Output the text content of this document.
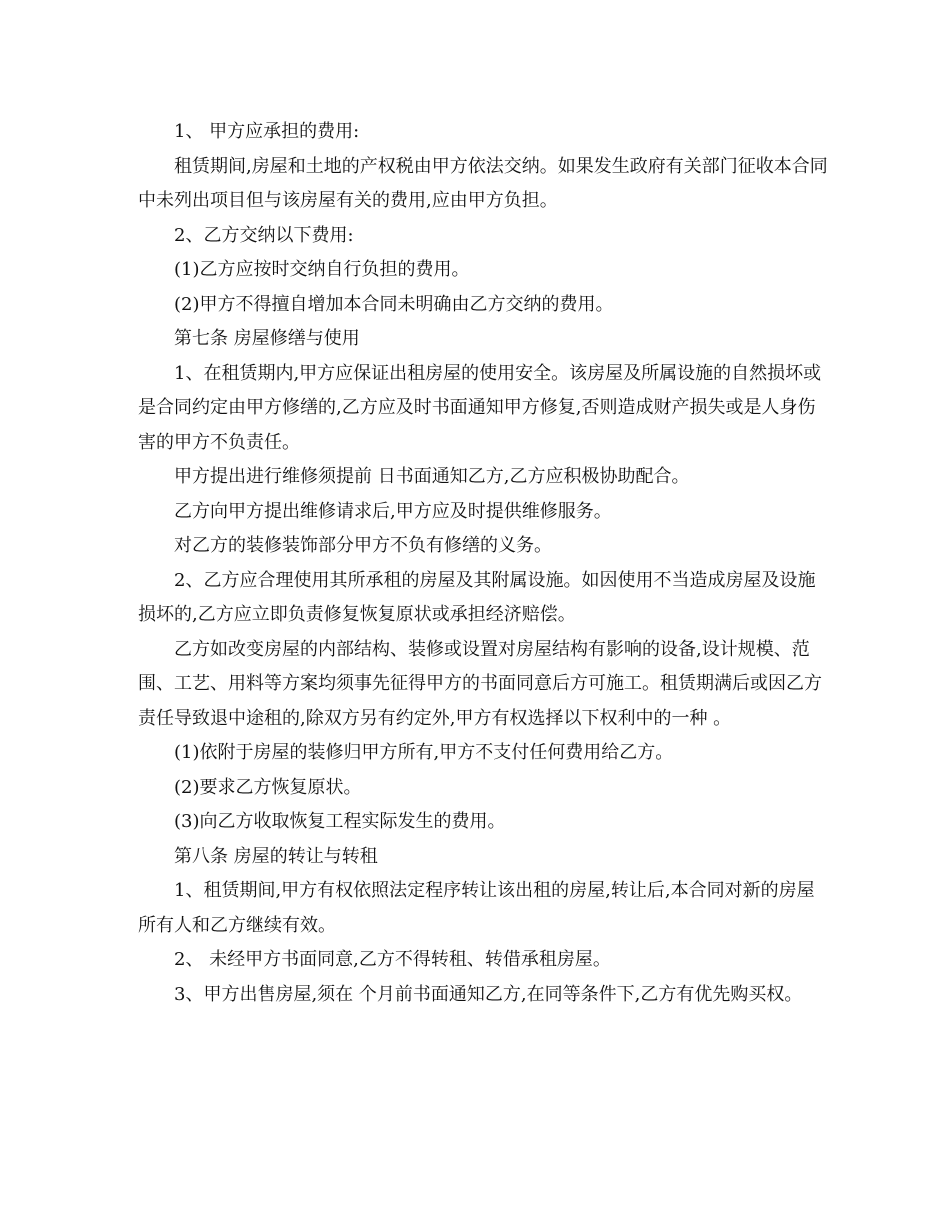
1、 甲方应承担的费用:

租赁期间,房屋和土地的产权税由甲方依法交纳。如果发生政府有关部门征收本合同中未列出项目但与该房屋有关的费用,应由甲方负担。

2、乙方交纳以下费用:

(1)乙方应按时交纳自行负担的费用。

(2)甲方不得擅自增加本合同未明确由乙方交纳的费用。

第七条 房屋修缮与使用

1、在租赁期内,甲方应保证出租房屋的使用安全。该房屋及所属设施的自然损坏或是合同约定由甲方修缮的,乙方应及时书面通知甲方修复,否则造成财产损失或是人身伤害的甲方不负责任。

甲方提出进行维修须提前 日书面通知乙方,乙方应积极协助配合。

乙方向甲方提出维修请求后,甲方应及时提供维修服务。

对乙方的装修装饰部分甲方不负有修缮的义务。

2、乙方应合理使用其所承租的房屋及其附属设施。如因使用不当造成房屋及设施损坏的,乙方应立即负责修复恢复原状或承担经济赔偿。

乙方如改变房屋的内部结构、装修或设置对房屋结构有影响的设备,设计规模、范围、工艺、用料等方案均须事先征得甲方的书面同意后方可施工。租赁期满后或因乙方责任导致退中途租的,除双方另有约定外,甲方有权选择以下权利中的一种 。

(1)依附于房屋的装修归甲方所有,甲方不支付任何费用给乙方。

(2)要求乙方恢复原状。

(3)向乙方收取恢复工程实际发生的费用。

第八条 房屋的转让与转租

1、租赁期间,甲方有权依照法定程序转让该出租的房屋,转让后,本合同对新的房屋所有人和乙方继续有效。

2、 未经甲方书面同意,乙方不得转租、转借承租房屋。

3、甲方出售房屋,须在 个月前书面通知乙方,在同等条件下,乙方有优先购买权。
